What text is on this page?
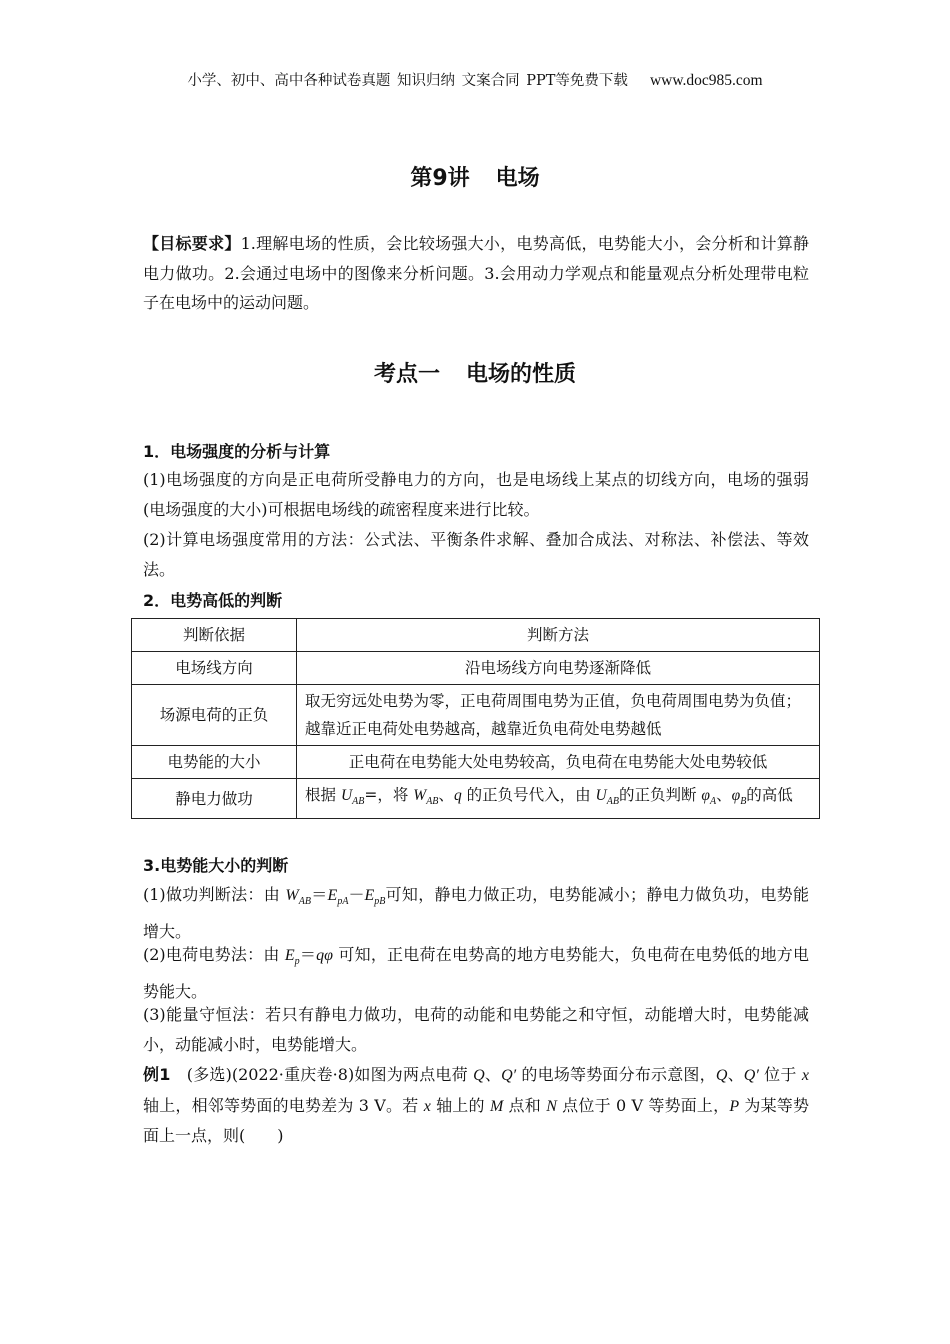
小学、初中、高中各种试卷真题 知识归纳 文案合同 PPT等免费下载 www.doc985.com
第9讲 电场
【目标要求】1.理解电场的性质，会比较场强大小，电势高低，电势能大小，会分析和计算静电力做功。2.会通过电场中的图像来分析问题。3.会用动力学观点和能量观点分析处理带电粒子在电场中的运动问题。
考点一 电场的性质
1．电场强度的分析与计算
(1)电场强度的方向是正电荷所受静电力的方向，也是电场线上某点的切线方向，电场的强弱(电场强度的大小)可根据电场线的疏密程度来进行比较。
(2)计算电场强度常用的方法：公式法、平衡条件求解、叠加合成法、对称法、补偿法、等效法。
2．电势高低的判断
判断依据	判断方法
电场线方向	沿电场线方向电势逐渐降低
场源电荷的正负	取无穷远处电势为零，正电荷周围电势为正值，负电荷周围电势为负值；越靠近正电荷处电势越高，越靠近负电荷处电势越低
电势能的大小	正电荷在电势能大处电势较高，负电荷在电势能大处电势较低
静电力做功	根据 $U_{AB}=$，将 $W_{AB}$、q 的正负号代入，由 $U_{AB}$的正负判断 $\varphi_A$、$\varphi_B$的高低
3.电势能大小的判断
(1)做功判断法：由 $W_{AB}=E_{pA}-E_{pB}$可知，静电力做正功，电势能减小；静电力做负功，电势能增大。
(2)电荷电势法：由 $E_p=q\varphi$ 可知，正电荷在电势高的地方电势能大，负电荷在电势低的地方电势能大。
(3)能量守恒法：若只有静电力做功，电荷的动能和电势能之和守恒，动能增大时，电势能减小，动能减小时，电势能增大。
例1　(多选)(2022·重庆卷·8)如图为两点电荷 Q、Q′ 的电场等势面分布示意图，Q、Q′ 位于 x 轴上，相邻等势面的电势差为 3 V。若 x 轴上的 M 点和 N 点位于 0 V 等势面上，P 为某等势面上一点，则(　　)
